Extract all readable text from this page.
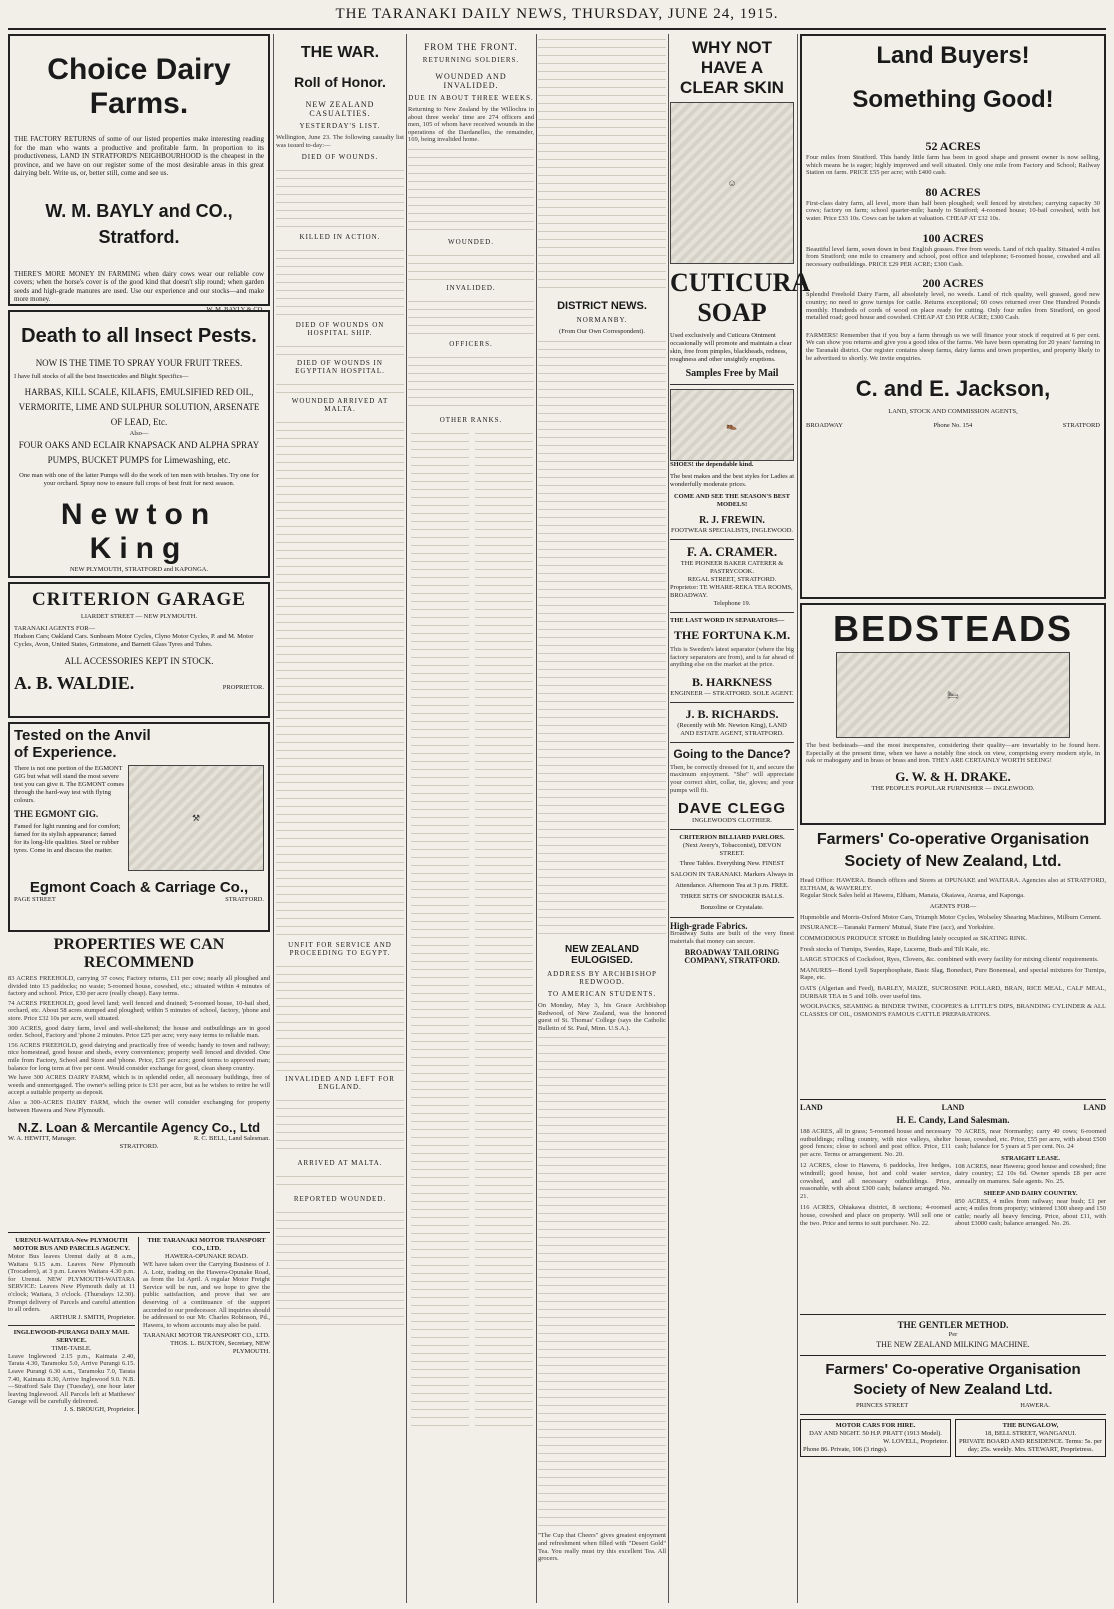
THE TARANAKI DAILY NEWS, THURSDAY, JUNE 24, 1915.
Choice Dairy Farms.
THE FACTORY RETURNS of some of our listed properties make interesting reading for the man who wants a productive and profitable farm. In proportion to its productiveness, LAND IN STRATFORD'S NEIGHBOURHOOD is the cheapest in the province, and we have on our register some of the most desirable areas in this great dairying belt. Write us, or, better still, come and see us.
W. M. BAYLY and CO., Stratford.
THERE'S MORE MONEY IN FARMING when dairy cows wear our reliable cow covers; when the horse's cover is of the good kind that doesn't slip round; when garden seeds and high-grade manures are used. Use our experience and our stocks—and make more money.
W. M. BAYLY & CO.
Death to all Insect Pests.
NOW IS THE TIME TO SPRAY YOUR FRUIT TREES.
I have full stocks of all the best Insecticides and Blight Specifics—
HARBAS, KILL SCALE, KILAFIS, EMULSIFIED RED OIL, VERMORITE, LIME AND SULPHUR SOLUTION, ARSENATE OF LEAD, Etc.
Also—
FOUR OAKS AND ECLAIR KNAPSACK AND ALPHA SPRAY PUMPS, BUCKET PUMPS for Limewashing, etc.
One man with one of the latter Pumps will do the work of ten men with brushes. Try one for your orchard. Spray now to ensure full crops of best fruit for next season.
Newton King
NEW PLYMOUTH, STRATFORD and KAPONGA.
CRITERION GARAGE
LIARDET STREET — NEW PLYMOUTH.
TARANAKI AGENTS FOR—
Hudson Cars; Oakland Cars. Sunbeam Motor Cycles, Clyno Motor Cycles, P. and M. Motor Cycles, Avon, United States, Grimstone, and Barnett Glass Tyres and Tubes.
ALL ACCESSORIES KEPT IN STOCK.
A. B. WALDIE.	PROPRIETOR.
Tested on the Anvil of Experience.
There is not one portion of the EGMONT GIG but what will stand the most severe test you can give it. The EGMONT comes through the hard-way test with flying colours.
THE EGMONT GIG.
Famed for light running and for comfort; famed for its stylish appearance; famed for its long-life qualities. Steel or rubber tyres. Come in and discuss the matter.
⚒
Egmont Coach & Carriage Co.,
PAGE STREET	STRATFORD.
PROPERTIES WE CAN RECOMMEND
83 ACRES FREEHOLD, carrying 37 cows; Factory returns, £11 per cow; nearly all ploughed and divided into 13 paddocks; no waste; 5-roomed house, cowshed, etc.; situated within 4 minutes of factory and school. Price, £30 per acre (really cheap). Easy terms.
74 ACRES FREEHOLD, good level land; well fenced and drained; 5-roomed house, 10-bail shed, orchard, etc. About 58 acres stumped and ploughed; within 5 minutes of school, factory, 'phone and store. Price £32 10s per acre, well situated.
300 ACRES, good dairy farm, level and well-sheltered; the house and outbuildings are in good order. School, Factory and 'phone 2 minutes. Price £25 per acre; very easy terms to reliable man.
156 ACRES FREEHOLD, good dairying and practically free of weeds; handy to town and railway; nice homestead, good house and sheds, every convenience; property well fenced and divided. One mile from Factory, School and Store and 'phone. Price, £35 per acre; good terms to approved man; balance for long term at five per cent. Would consider exchange for good, clean sheep country.
We have 300 ACRES DAIRY FARM, which is in splendid order, all necessary buildings, free of weeds and unmortgaged. The owner's selling price is £31 per acre, but as he wishes to retire he will accept a suitable property as deposit.
Also a 300-ACRES DAIRY FARM, which the owner will consider exchanging for property between Hawera and New Plymouth.
N.Z. Loan & Mercantile Agency Co., Ltd
W. A. HEWITT, Manager.	R. C. BELL, Land Salesman.
STRATFORD.
URENUI-WAITARA-New PLYMOUTH MOTOR BUS AND PARCELS AGENCY.
Motor Bus leaves Urenui daily at 8 a.m., Waitara 9.15 a.m. Leaves New Plymouth (Trocadero), at 3 p.m. Leaves Waitara 4.30 p.m. for Urenui. NEW PLYMOUTH-WAITARA SERVICE: Leaves New Plymouth daily at 11 o'clock; Waitara, 3 o'clock. (Thursdays 12.30). Prompt delivery of Parcels and careful attention to all orders.
ARTHUR J. SMITH, Proprietor.
INGLEWOOD-PURANGI DAILY MAIL SERVICE.
TIME-TABLE.
Leave Inglewood 2.15 p.m., Kaimata 2.40, Tarata 4.30, Taramoku 5.0, Arrive Purangi 6.15. Leave Purangi 6.30 a.m., Taramoku 7.0, Tarata 7.40, Kaimata 8.30, Arrive Inglewood 9.0. N.B.—Stratford Sale Day (Tuesday), one hour later leaving Inglewood. All Parcels left at Matthews' Garage will be carefully delivered.
J. S. BROUGH, Proprietor.
THE TARANAKI MOTOR TRANSPORT CO., LTD.
HAWERA-OPUNAKE ROAD.
WE have taken over the Carrying Business of J. A. Lotz, trading on the Hawera-Opunake Road, as from the 1st April. A regular Motor Freight Service will be run, and we hope to give the public satisfaction, and prove that we are deserving of a continuance of the support accorded to our predecessor. All inquiries should be addressed to our Mr. Charles Robinson, Pd., Hawera, to whom accounts may also be paid.
TARANAKI MOTOR TRANSPORT CO., LTD.
THOS. L. BUXTON, Secretary, NEW PLYMOUTH.
THE WAR.
Roll of Honor.
NEW ZEALAND CASUALTIES.
YESTERDAY'S LIST.
Wellington, June 23. The following casualty list was issued to-day:—
DIED OF WOUNDS.
KILLED IN ACTION.
DIED OF WOUNDS ON HOSPITAL SHIP.
DIED OF WOUNDS IN EGYPTIAN HOSPITAL.
WOUNDED ARRIVED AT MALTA.
UNFIT FOR SERVICE AND PROCEEDING TO EGYPT.
INVALIDED AND LEFT FOR ENGLAND.
ARRIVED AT MALTA.
REPORTED WOUNDED.
FROM THE FRONT.
RETURNING SOLDIERS.
WOUNDED AND INVALIDED.
DUE IN ABOUT THREE WEEKS.
Returning to New Zealand by the Willochra in about three weeks' time are 274 officers and men, 105 of whom have received wounds in the operations of the Dardanelles, the remainder, 169, being invalided home.
WOUNDED.
INVALIDED.
OFFICERS.
OTHER RANKS.
DISTRICT NEWS.
NORMANBY.
(From Our Own Correspondent).
NEW ZEALAND EULOGISED.
ADDRESS BY ARCHBISHOP REDWOOD.
TO AMERICAN STUDENTS.
On Monday, May 3, his Grace Archbishop Redwood, of New Zealand, was the honored guest of St. Thomas' College (says the Catholic Bulletin of St. Paul, Minn. U.S.A.).
"The Cup that Cheers" gives greatest enjoyment and refreshment when filled with "Desert Gold" Tea. You really must try this excellent Tea. All grocers.
WHY NOT HAVE A CLEAR SKIN
☺
CUTICURA SOAP
Used exclusively and Cuticura Ointment occasionally will promote and maintain a clear skin, free from pimples, blackheads, redness, roughness and other unsightly eruptions.
Samples Free by Mail
👞
SHOES! the dependable kind.
The best makes and the best styles for Ladies at wonderfully moderate prices.
COME AND SEE THE SEASON'S BEST MODELS!
R. J. FREWIN.
FOOTWEAR SPECIALISTS, INGLEWOOD.
F. A. CRAMER.
THE PIONEER BAKER CATERER & PASTRYCOOK.
REGAL STREET, STRATFORD.
Proprietor: TE WHARE-REKA TEA ROOMS, BROADWAY.
Telephone 19.
THE LAST WORD IN SEPARATORS—
THE FORTUNA K.M.
This is Sweden's latest separator (where the big factory separators are from), and is far ahead of anything else on the market at the price.
B. HARKNESS
ENGINEER — STRATFORD. SOLE AGENT.
J. B. RICHARDS.
(Recently with Mr. Newton King), LAND AND ESTATE AGENT, STRATFORD.
Going to the Dance?
Then, be correctly dressed for it, and secure the maximum enjoyment. "She" will appreciate your correct shirt, collar, tie, gloves; and your pumps will fit.
DAVE CLEGG
INGLEWOOD'S CLOTHIER.
CRITERION BILLIARD PARLORS.
(Next Avery's, Tobacconist), DEVON STREET.
Three Tables. Everything New. FINEST SALOON IN TARANAKI. Markers Always in Attendance. Afternoon Tea at 3 p.m. FREE. THREE SETS OF SNOOKER BALLS. Bonzoline or Crystalate.
High-grade Fabrics.
Broadway Suits are built of the very finest materials that money can secure.
BROADWAY TAILORING COMPANY, STRATFORD.
Land Buyers!
Something Good!
52 ACRES
Four miles from Stratford. This handy little farm has been in good shape and present owner is now selling, which means he is eager; highly improved and well situated. Only one mile from Factory and School; Railway Station on farm. PRICE £55 per acre; with £400 cash.
80 ACRES
First-class dairy farm, all level, more than half been ploughed; well fenced by stretches; carrying capacity 30 cows; factory on farm; school quarter-mile; handy to Stratford; 4-roomed house; 10-bail cowshed, with hot water. Price £33 10s. Cows can be taken at valuation. CHEAP AT £32 10s.
100 ACRES
Beautiful level farm, sown down in best English grasses. Free from weeds. Land of rich quality. Situated 4 miles from Stratford; one mile to creamery and school, post office and telephone; 6-roomed house, cowshed and all necessary outbuildings. PRICE £29 PER ACRE; £300 Cash.
200 ACRES
Splendid Freehold Dairy Farm, all absolutely level, no weeds. Land of rich quality, well grassed, good new country; no need to grow turnips for cattle. Returns exceptional; 60 cows returned over One Hundred Pounds monthly. Hundreds of cords of wood on place ready for cutting. Only four miles from Stratford, on good metalled road; good house and cowshed. CHEAP AT £30 PER ACRE; £300 Cash.
FARMERS! Remember that if you buy a farm through us we will finance your stock if required at 6 per cent. We can show you returns and give you a good idea of the farms. We have been operating for 20 years' farming in the Taranaki district. Our register contains sheep farms, dairy farms and town properties, and property likely to be advertised to shortly. We invite enquiries.
C. and E. Jackson,
LAND, STOCK AND COMMISSION AGENTS,
BROADWAY	Phone No. 154	STRATFORD
BEDSTEADS
🛏
The best bedsteads—and the most inexpensive, considering their quality—are invariably to be found here. Especially at the present time, when we have a notably fine stock on view, comprising every modern style, in oak or mahogany and in brass or brass and iron. THEY ARE CERTAINLY WORTH SEEING!
G. W. & H. DRAKE.
THE PEOPLE'S POPULAR FURNISHER — INGLEWOOD.
Farmers' Co-operative Organisation Society of New Zealand, Ltd.
Head Office: HAWERA. Branch offices and Stores at OPUNAKE and WAITARA. Agencies also at STRATFORD, ELTHAM, & WAVERLEY.
Regular Stock Sales held at Hawera, Eltham, Manaia, Okaiawa, Ararua, and Kaponga.
AGENTS FOR—
Hupmobile and Morris-Oxford Motor Cars, Triumph Motor Cycles, Wolseley Shearing Machines, Milburn Cement.
INSURANCE—Taranaki Farmers' Mutual, State Fire (acc), and Yorkshire.
COMMODIOUS PRODUCE STORE in Building lately occupied as SKATING RINK.
Fresh stocks of Turnips, Swedes, Rape, Lucerne, Buds and Tilt Kale, etc.
LARGE STOCKS of Cocksfoot, Ryes, Clovers, &c. combined with every facility for mixing clients' requirements.
MANURES—Bond Lyell Superphosphate, Basic Slag, Boneduct, Pure Bonemeal, and special mixtures for Turnips, Rape, etc.
OATS (Algerian and Feed), BARLEY, MAIZE, SUCROSINE POLLARD, BRAN, RICE MEAL, CALF MEAL, DURBAR TEA in 5 and 10lb. over useful tins.
WOOLPACKS, SEAMING & BINDER TWINE, COOPER'S & LITTLE'S DIPS, BRANDING CYLINDER & ALL CLASSES OF OIL, OSMOND'S FAMOUS CATTLE PREPARATIONS.
LAND	LAND	LAND
H. E. Candy, Land Salesman.
188 ACRES, all in grass; 5-roomed house and necessary outbuildings; rolling country, with nice valleys, shelter good fences; close to school and post office. Price, £11 per acre. Terms or arrangement. No. 20.
12 ACRES, close to Hawera, 6 paddocks, live hedges, windmill; good house, hot and cold water service, cowshed, and all necessary outbuildings. Price, reasonable, with about £300 cash; balance arranged. No. 21.
116 ACRES, Ohiakawa district, 8 sections; 4-roomed house, cowshed and place on property. Will sell one or the two. Price and terms to suit purchaser. No. 22.
70 ACRES, near Normanby; carry 40 cows; 6-roomed house, cowshed, etc. Price, £55 per acre, with about £500 cash; balance for 5 years at 5 per cent. No. 24
STRAIGHT LEASE.
108 ACRES, near Hawera; good house and cowshed; fine dairy country; £2 10s 6d. Owner spends £8 per acre annually on manures. Sale agents. No. 25.
SHEEP AND DAIRY COUNTRY.
850 ACRES, 4 miles from railway; near bush; £1 per acre; 4 miles from property; wintered 1300 sheep and 150 cattle; nearly all heavy fencing. Price, about £11, with about £3000 cash; balance arranged. No. 26.
THE GENTLER METHOD.
Per
THE NEW ZEALAND MILKING MACHINE.
Farmers' Co-operative Organisation Society of New Zealand Ltd.
PRINCES STREET	HAWERA.
MOTOR CARS FOR HIRE.
DAY AND NIGHT. 50 H.P. PRATT (1913 Model).
W. LOVELL, Proprietor.
Phone 86. Private, 106 (3 rings).
THE BUNGALOW,
18, BELL STREET, WANGANUI.
PRIVATE BOARD AND RESIDENCE. Terms: 5s. per day; 25s. weekly. Mrs. STEWART, Proprietress.
